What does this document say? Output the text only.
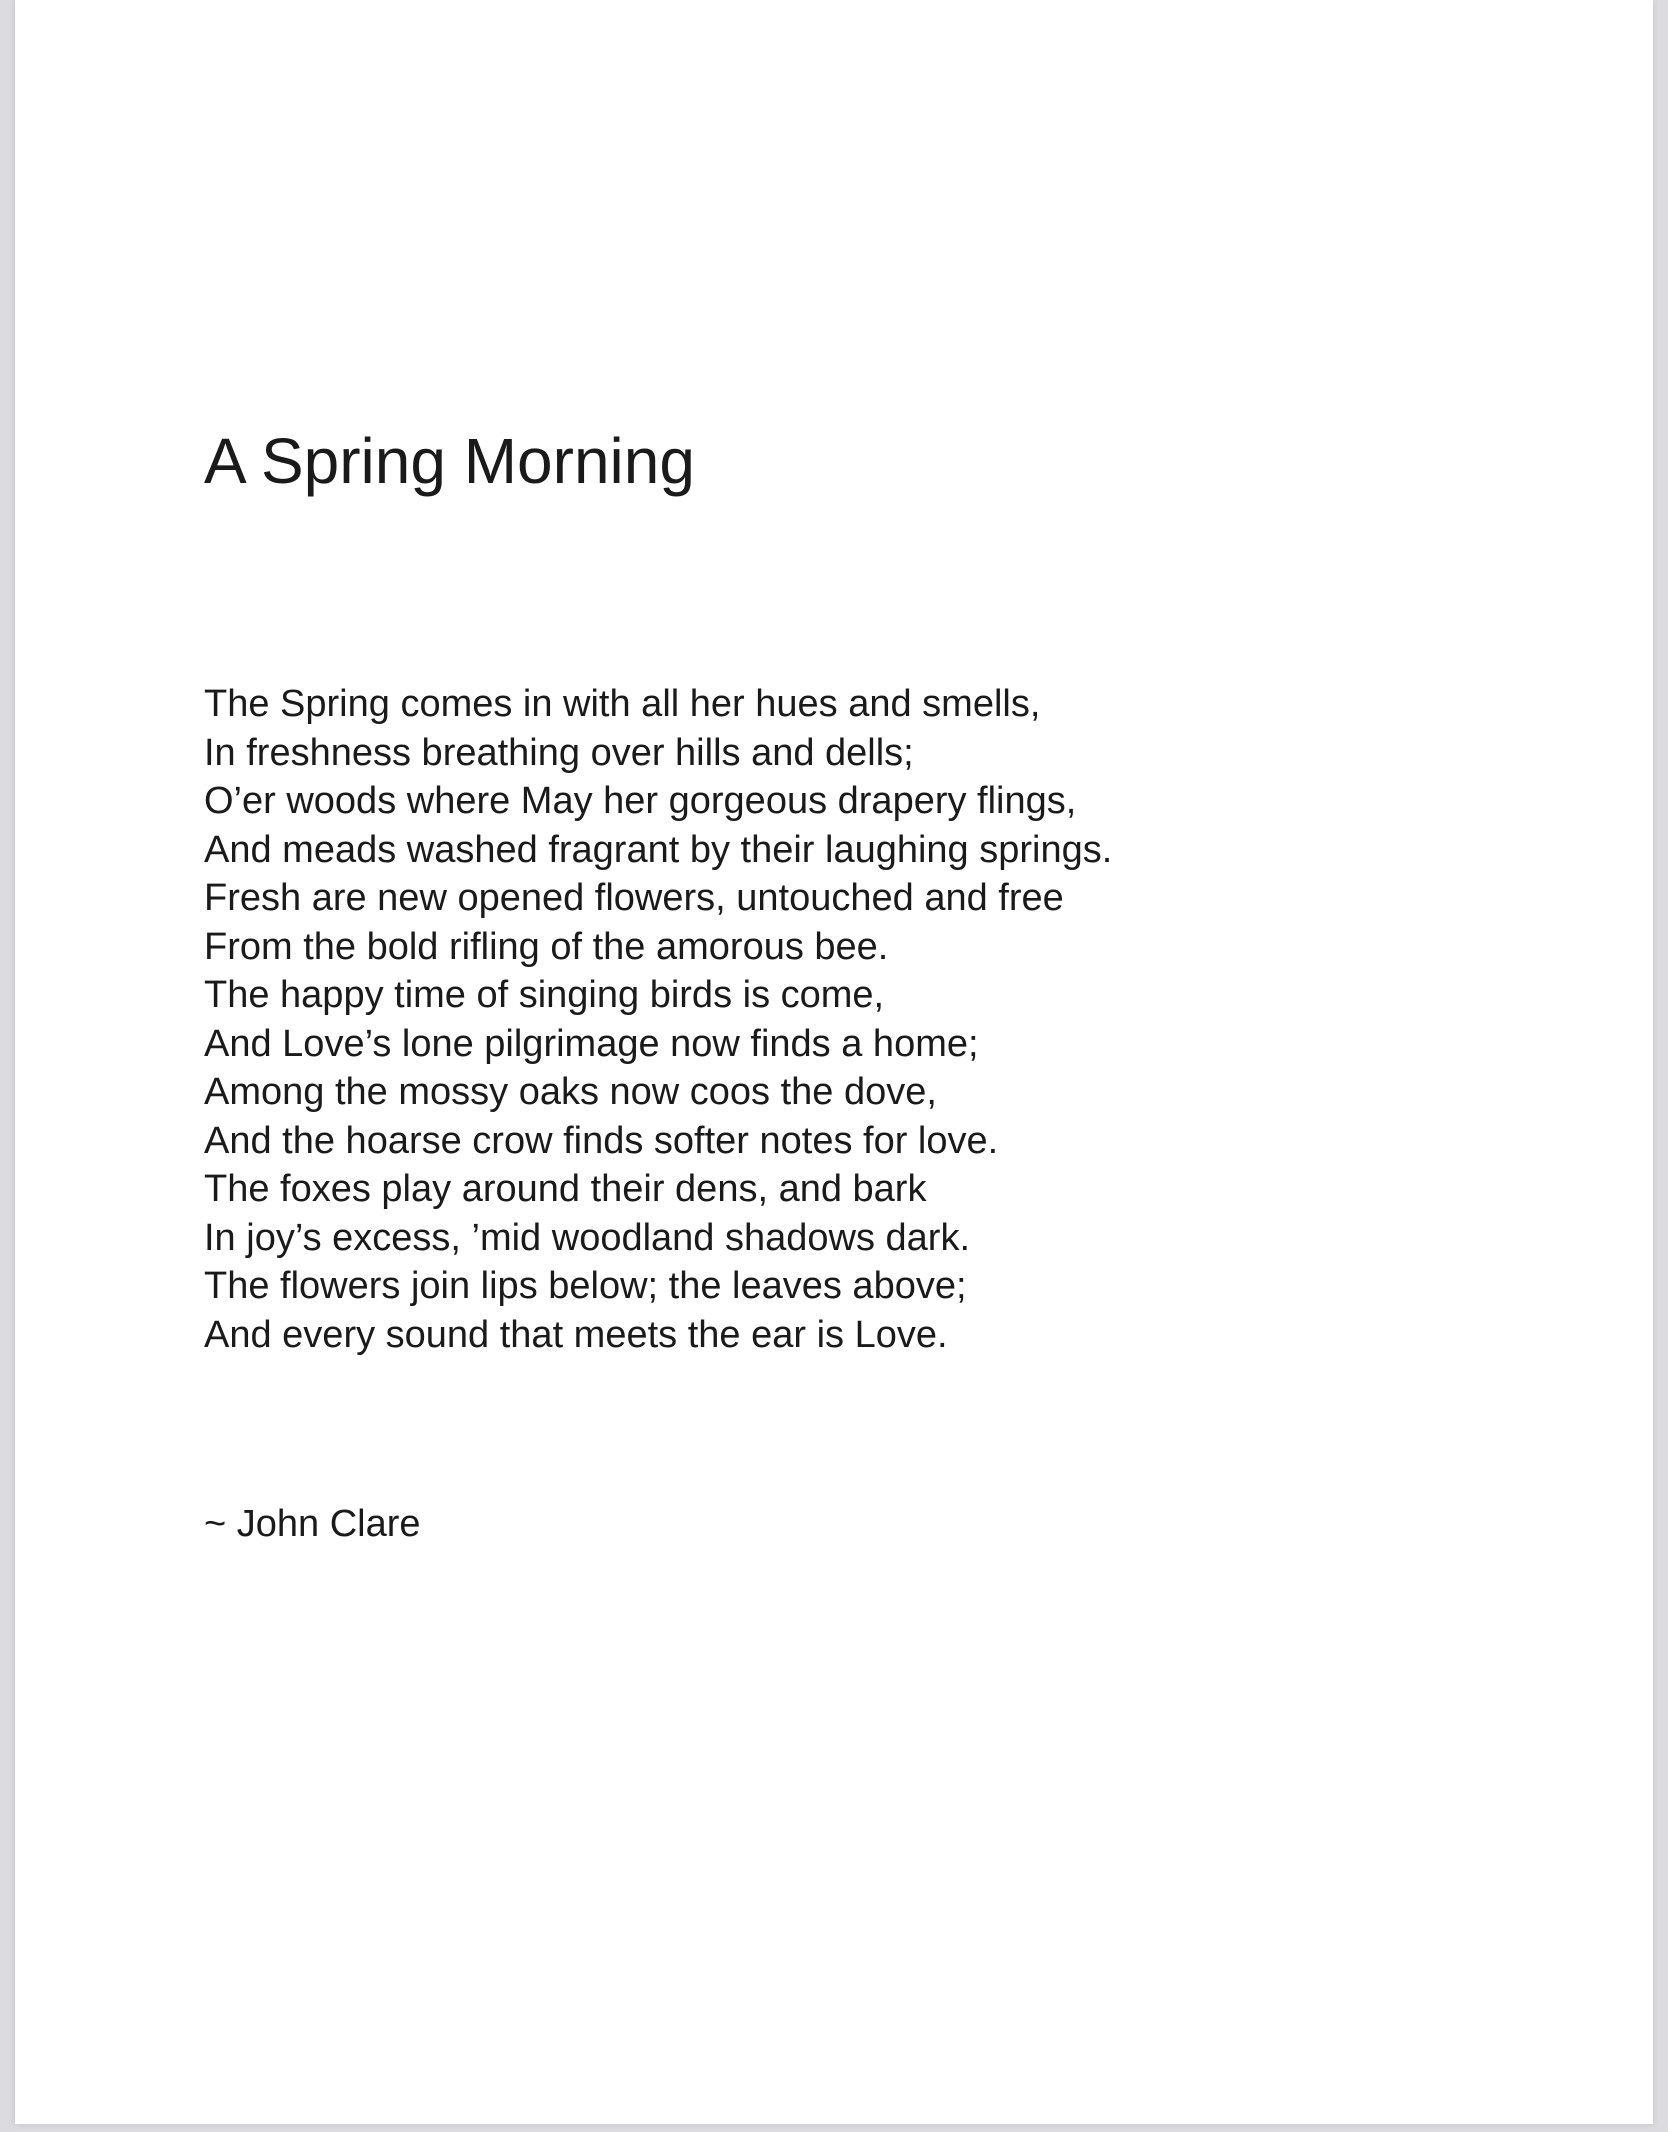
A Spring Morning
The Spring comes in with all her hues and smells,
In freshness breathing over hills and dells;
O’er woods where May her gorgeous drapery flings,
And meads washed fragrant by their laughing springs.
Fresh are new opened flowers, untouched and free
From the bold rifling of the amorous bee.
The happy time of singing birds is come,
And Love’s lone pilgrimage now finds a home;
Among the mossy oaks now coos the dove,
And the hoarse crow finds softer notes for love.
The foxes play around their dens, and bark
In joy’s excess, ’mid woodland shadows dark.
The flowers join lips below; the leaves above;
And every sound that meets the ear is Love.
~ John Clare
